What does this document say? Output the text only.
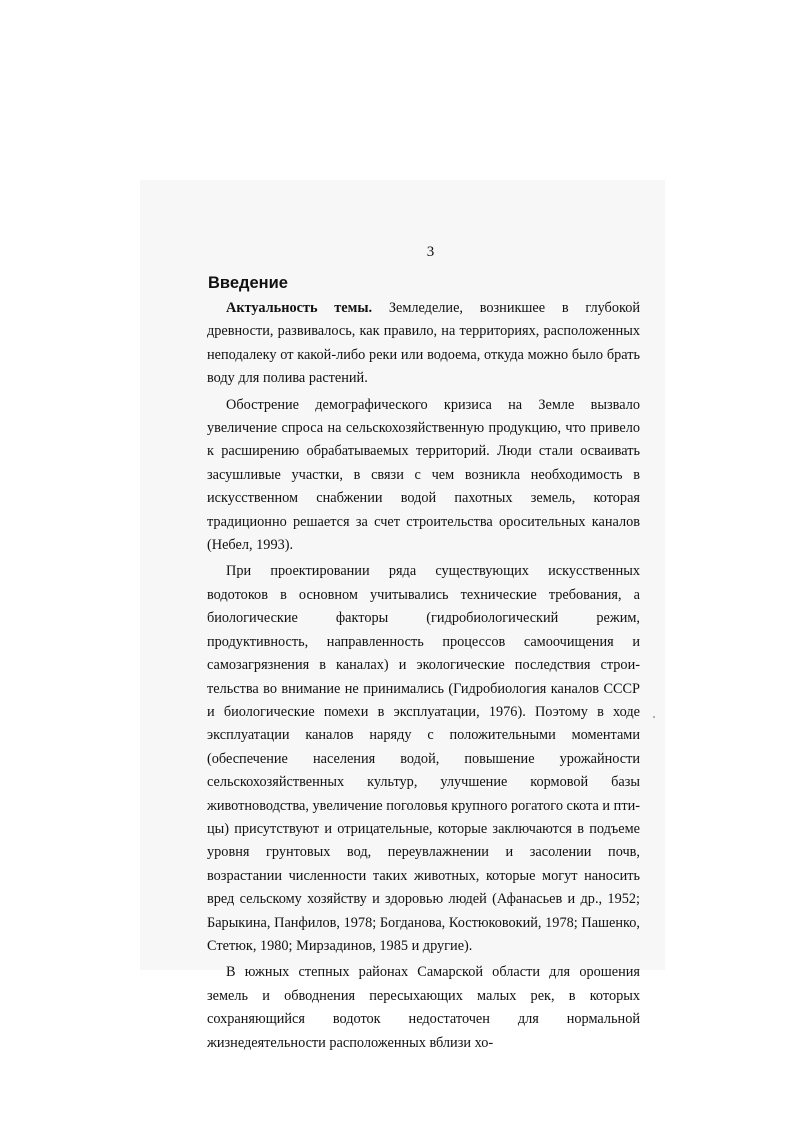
3
Введение

Актуальность темы. Земледелие, возникшее в глубокой древности, развивалось, как правило, на территориях, расположенных неподалеку от какой-либо реки или водоема, откуда можно было брать воду для полива растений.

Обострение демографического кризиса на Земле вызвало увеличение спроса на сельскохозяйственную продукцию, что привело к расширению обрабатываемых территорий. Люди стали осваивать засушливые участки, в связи с чем возникла необходимость в искусственном снабжении водой пахотных земель, которая традиционно решается за счет строительства оросительных каналов (Небел, 1993).

При проектировании ряда существующих искусственных водотоков в основном учитывались технические требования, а биологические факторы (гидробиологический режим, продуктивность, направленность процессов самоочищения и самозагрязнения в каналах) и экологические последствия строительства во внимание не принимались (Гидробиология каналов СССР и биологические помехи в эксплуатации, 1976). Поэтому в ходе эксплуатации каналов наряду с положительными моментами (обеспечение населения водой, повышение урожайности сельскохозяйственных культур, улучшение кормовой базы животноводства, увеличение поголовья крупного рогатого скота и птицы) присутствуют и отрицательные, которые заключаются в подъеме уровня грунтовых вод, переувлажнении и засолении почв, возрастании численности таких животных, которые могут наносить вред сельскому хозяйству и здоровью людей (Афанасьев и др., 1952; Барыкина, Панфилов, 1978; Богданова, Костюковокий, 1978; Пашенко, Стетюк, 1980; Мирзадинов, 1985 и другие).

В южных степных районах Самарской области для орошения земель и обводнения пересыхающих малых рек, в которых сохраняющийся водоток недостаточен для нормальной жизнедеятельности расположенных вблизи хо-
